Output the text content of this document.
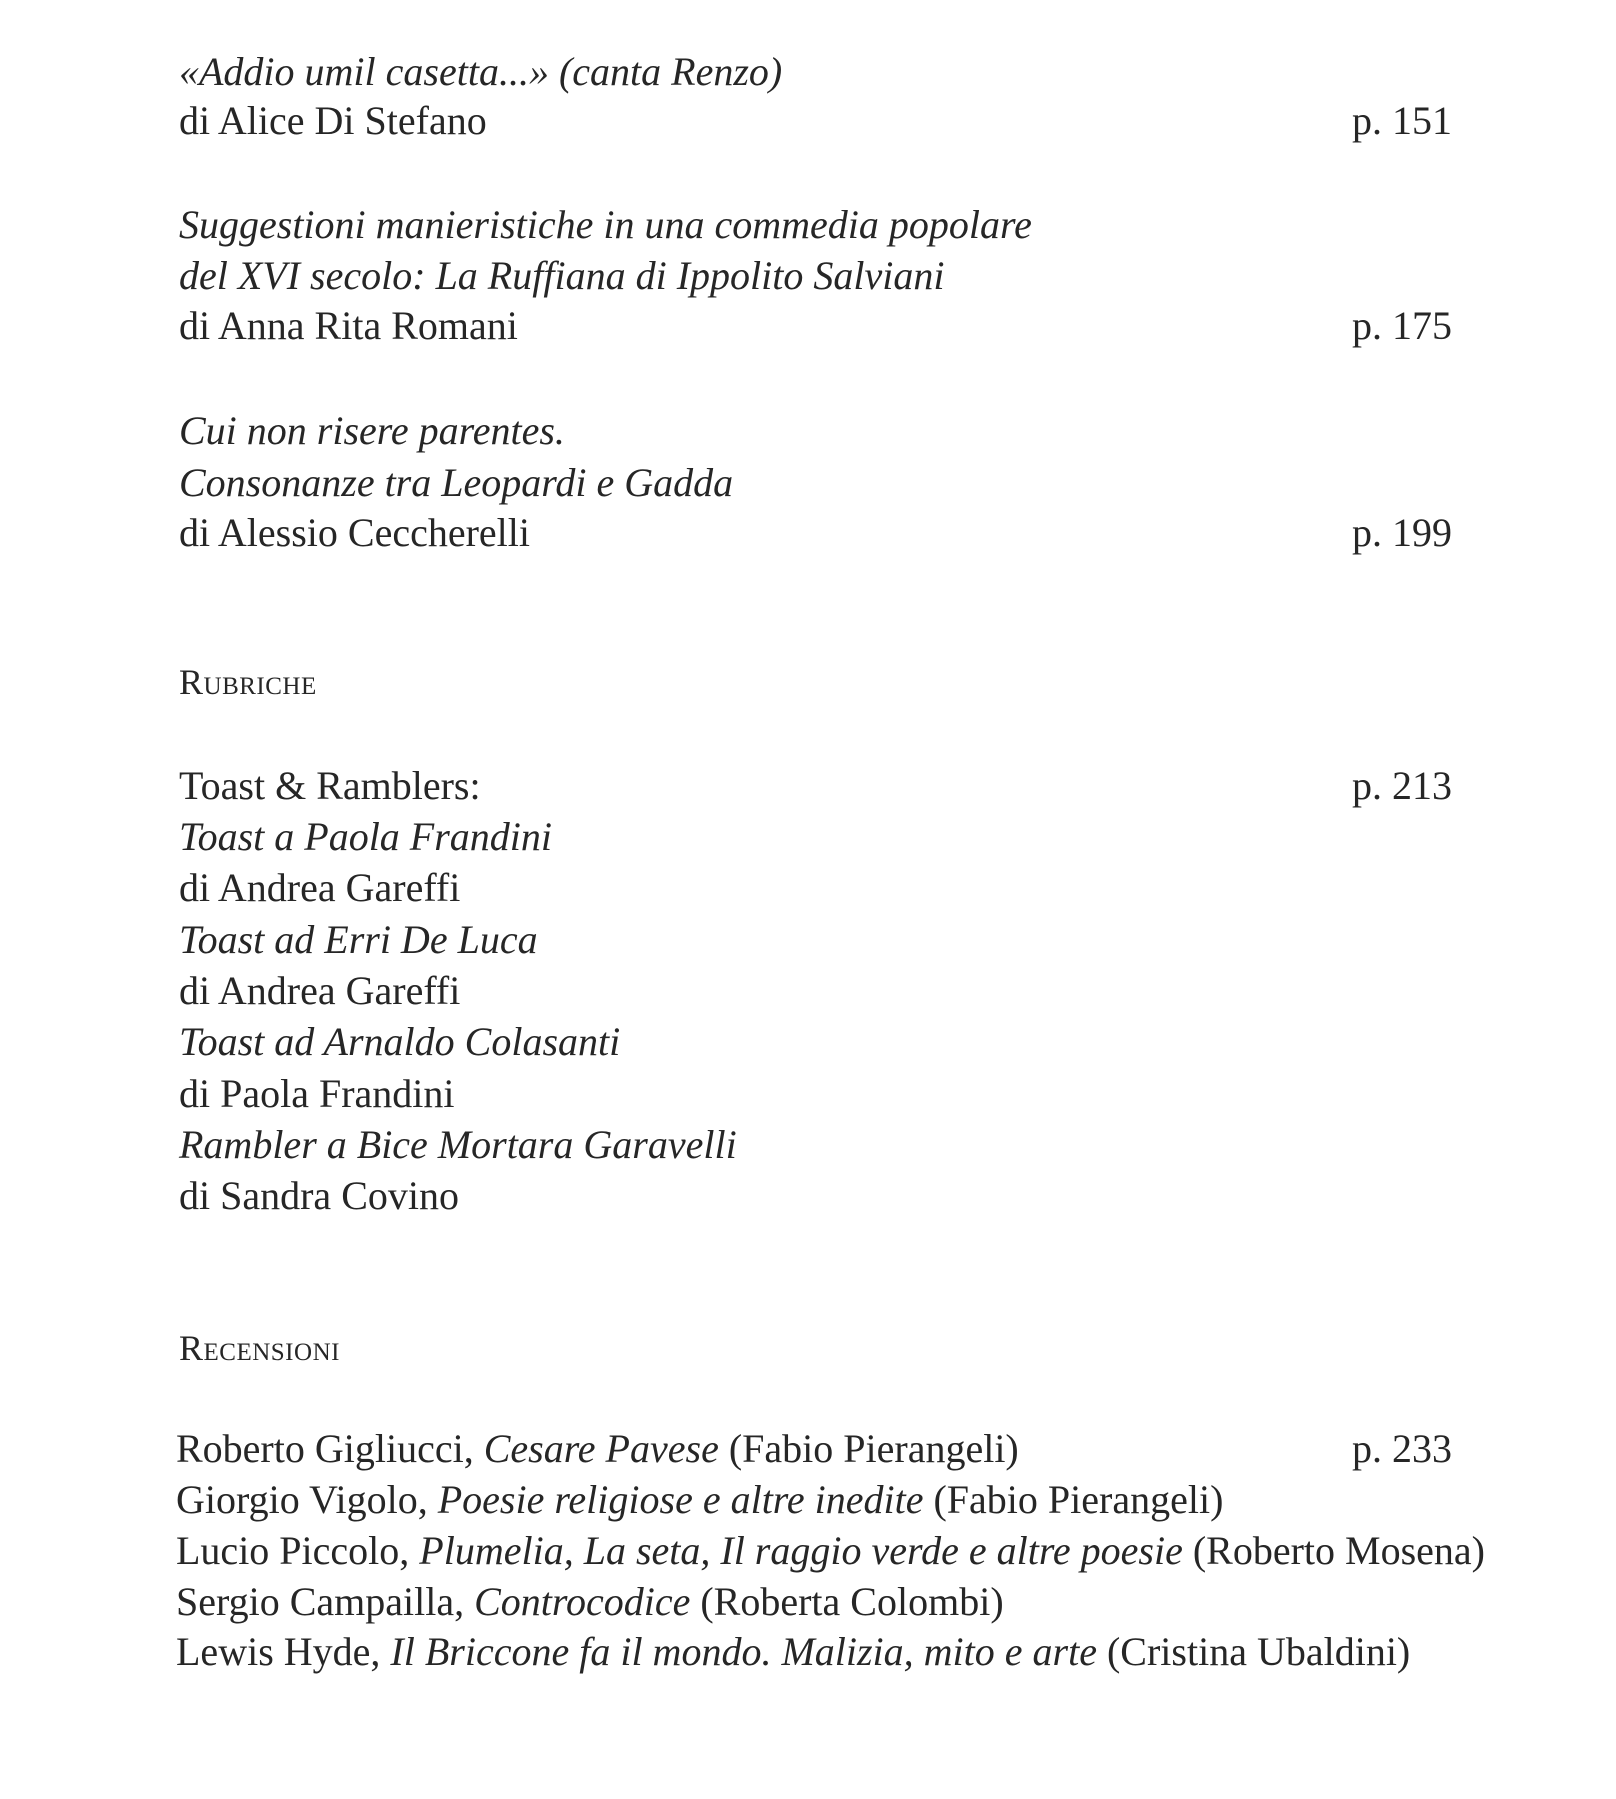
«Addio umil casetta...» (canta Renzo)
di Alice Di Stefano	p. 151
Suggestioni manieristiche in una commedia popolare
del XVI secolo: La Ruffiana di Ippolito Salviani
di Anna Rita Romani	p. 175
Cui non risere parentes.
Consonanze tra Leopardi e Gadda
di Alessio Ceccherelli	p. 199
Rubriche
Toast & Ramblers:	p. 213
Toast a Paola Frandini
di Andrea Gareffi
Toast ad Erri De Luca
di Andrea Gareffi
Toast ad Arnaldo Colasanti
di Paola Frandini
Rambler a Bice Mortara Garavelli
di Sandra Covino
Recensioni
Roberto Gigliucci, Cesare Pavese (Fabio Pierangeli)	p. 233
Giorgio Vigolo, Poesie religiose e altre inedite (Fabio Pierangeli)
Lucio Piccolo, Plumelia, La seta, Il raggio verde e altre poesie (Roberto Mosena)
Sergio Campailla, Controcodice (Roberta Colombi)
Lewis Hyde, Il Briccone fa il mondo. Malizia, mito e arte (Cristina Ubaldini)
